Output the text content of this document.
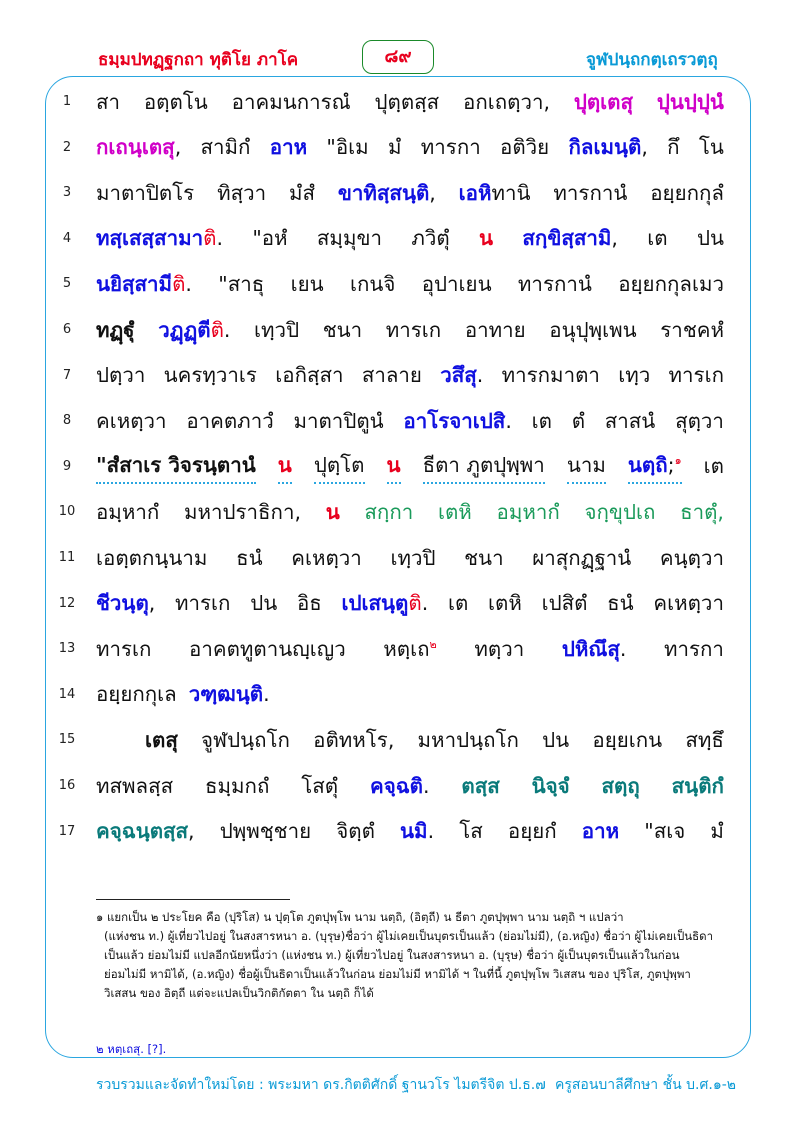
ธมฺมปทฏฺฐกถา ทุติโย ภาโค	๘๙	จูฬปนฺถกตฺเถรวตฺถุ
1	สา อตฺตโน อาคมนการณํ ปุตฺตสฺส อกเถตฺวา, ปุตฺเตสุ ปุนปฺปุนํ
2	กเถนฺเตสุ, สามิกํ อาห "อิเม มํ ทารกา อติวิย กิลเมนฺติ, กึ โน
3	มาตาปิตโร ทิสฺวา มํสํ ขาทิสฺสนฺติ, เอหิทานิ ทารกานํ อยฺยกกุลํ
4	ทสฺเสสฺสามาติ. "อหํ สมฺมุขา ภวิตุํ น สกฺขิสฺสามิ, เต ปน
5	นยิสฺสามีติ. "สาธุ เยน เกนจิ อุปาเยน ทารกานํ อยฺยกกุลเมว
6	ทฏฺฐุํ วฏฺฏฺตีติ. เทฺวปิ ชนา ทารเก อาทาย อนุปุพฺเพน ราชคหํ
7	ปตฺวา นครทฺวาเร เอกิสฺสา สาลาย วสึสุ. ทารกมาตา เทฺว ทารเก
8	คเหตฺวา อาคตภาวํ มาตาปิตูนํ อาโรจาเปสิ. เต ตํ สาสนํ สุตฺวา
9	"สํสาเร วิจรนฺตานํ น ปุตฺโต น ธีตา ภูตปุพฺพา นาม นตฺถิ;$^๑$ เต
10	อมฺหากํ มหาปราธิกา, น สกฺกา เตหิ อมฺหากํ จกฺขุปเถ ธาตุํ,
11	เอตฺตกนฺนาม ธนํ คเหตฺวา เทฺวปิ ชนา ผาสุกฏฺฐานํ คนฺตฺวา
12	ชีวนฺตุ, ทารเก ปน อิธ เปเสนฺตูติ. เต เตหิ เปสิตํ ธนํ คเหตฺวา
13	ทารเก อาคตทูตานญฺเญว หตฺเถ$^๒$ ทตฺวา ปหิณึสุ. ทารกา
14	อยฺยกกุเล วฑฺฒนฺติ.
15	เตสุ จูฬปนฺถโก อติทหโร, มหาปนฺถโก ปน อยฺยเกน สทฺธึ
16	ทสพลสฺส ธมฺมกถํ โสตุํ คจฺฉติ. ตสฺส นิจฺจํ สตฺถุ สนฺติกํ
17	คจฺฉนฺตสฺส, ปพฺพชฺชาย จิตฺตํ นมิ. โส อยฺยกํ อาห "สเจ มํ
๑ แยกเป็น ๒ ประโยค คือ (ปุริโส) น ปุตฺโต ภูตปุพฺโพ นาม นตฺถิ, (อิตฺถี) น ธีตา ภูตปุพฺพา นาม นตฺถิ ฯ แปลว่า
(แห่งชน ท.) ผู้เที่ยวไปอยู่ ในสงสารหนา อ. (บุรุษ)ชื่อว่า ผู้ไม่เคยเป็นบุตรเป็นแล้ว (ย่อมไม่มี), (อ.หญิง) ชื่อว่า ผู้ไม่เคยเป็นธิดา
เป็นแล้ว ย่อมไม่มี แปลอีกนัยหนึ่งว่า (แห่งชน ท.) ผู้เที่ยวไปอยู่ ในสงสารหนา อ. (บุรุษ) ชื่อว่า ผู้เป็นบุตรเป็นแล้วในก่อน
ย่อมไม่มี หามิได้, (อ.หญิง) ชื่อผู้เป็นธิดาเป็นแล้วในก่อน ย่อมไม่มี หามิได้ ฯ ในที่นี้ ภูตปุพฺโพ วิเสสน ของ ปุริโส, ภูตปุพฺพา
วิเสสน ของ อิตฺถี แต่จะแปลเป็นวิกติกัตตา ใน นตฺถิ ก็ได้
๒ หตฺเถสุ. [?].
รวบรวมและจัดทำใหม่โดย : พระมหา ดร.กิตติศักดิ์ ฐานวโร ไมตรีจิต ป.ธ.๗ ครูสอนบาลีศึกษา ชั้น บ.ศ.๑-๒
